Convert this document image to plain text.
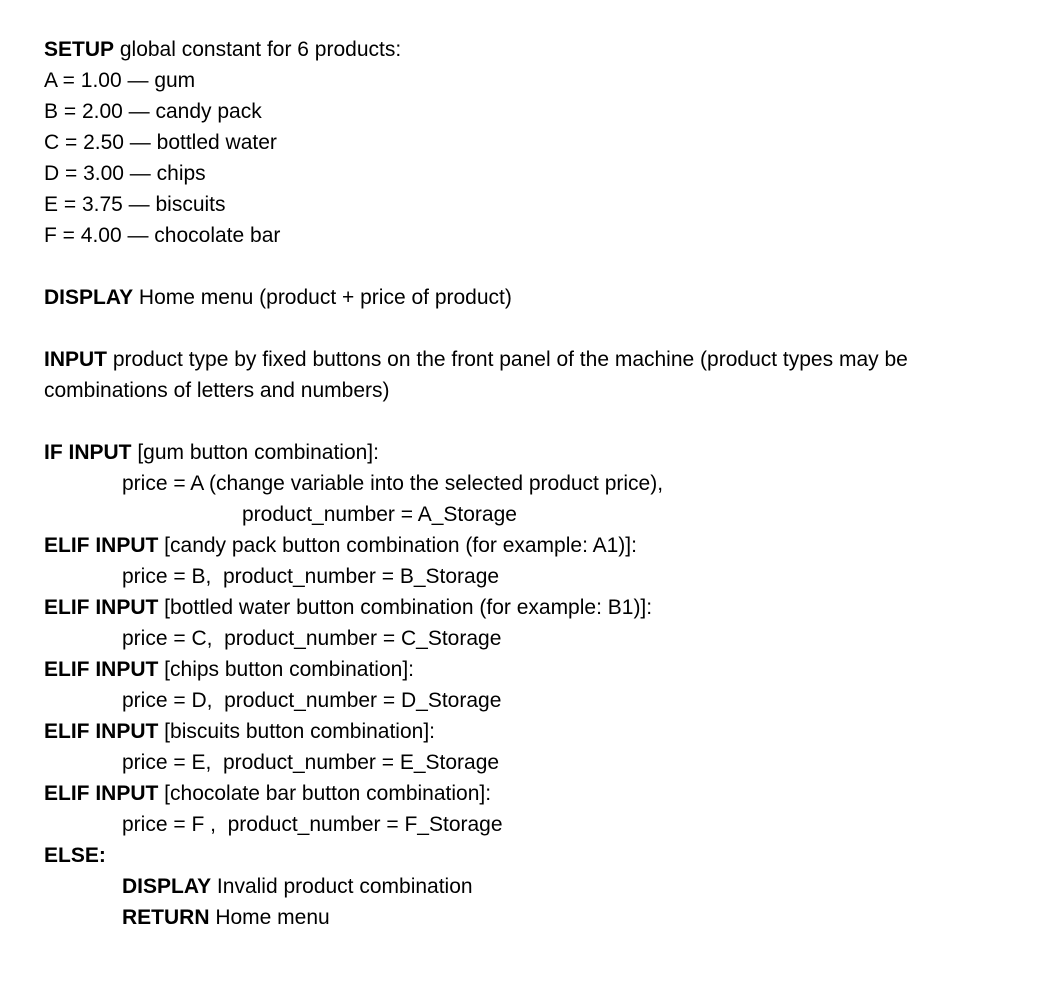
SETUP global constant for 6 products:
A = 1.00 — gum
B = 2.00 — candy pack
C = 2.50 — bottled water
D = 3.00 — chips
E = 3.75 — biscuits
F = 4.00 — chocolate bar
DISPLAY Home menu (product + price of product)
INPUT product type by fixed buttons on the front panel of the machine (product types may be combinations of letters and numbers)
IF INPUT [gum button combination]:
price = A (change variable into the selected product price),
product_number = A_Storage
ELIF INPUT [candy pack button combination (for example: A1)]:
price = B,  product_number = B_Storage
ELIF INPUT [bottled water button combination (for example: B1)]:
price = C,  product_number = C_Storage
ELIF INPUT [chips button combination]:
price = D,  product_number = D_Storage
ELIF INPUT [biscuits button combination]:
price = E,  product_number = E_Storage
ELIF INPUT [chocolate bar button combination]:
price = F ,  product_number = F_Storage
ELSE:
DISPLAY Invalid product combination
RETURN Home menu
